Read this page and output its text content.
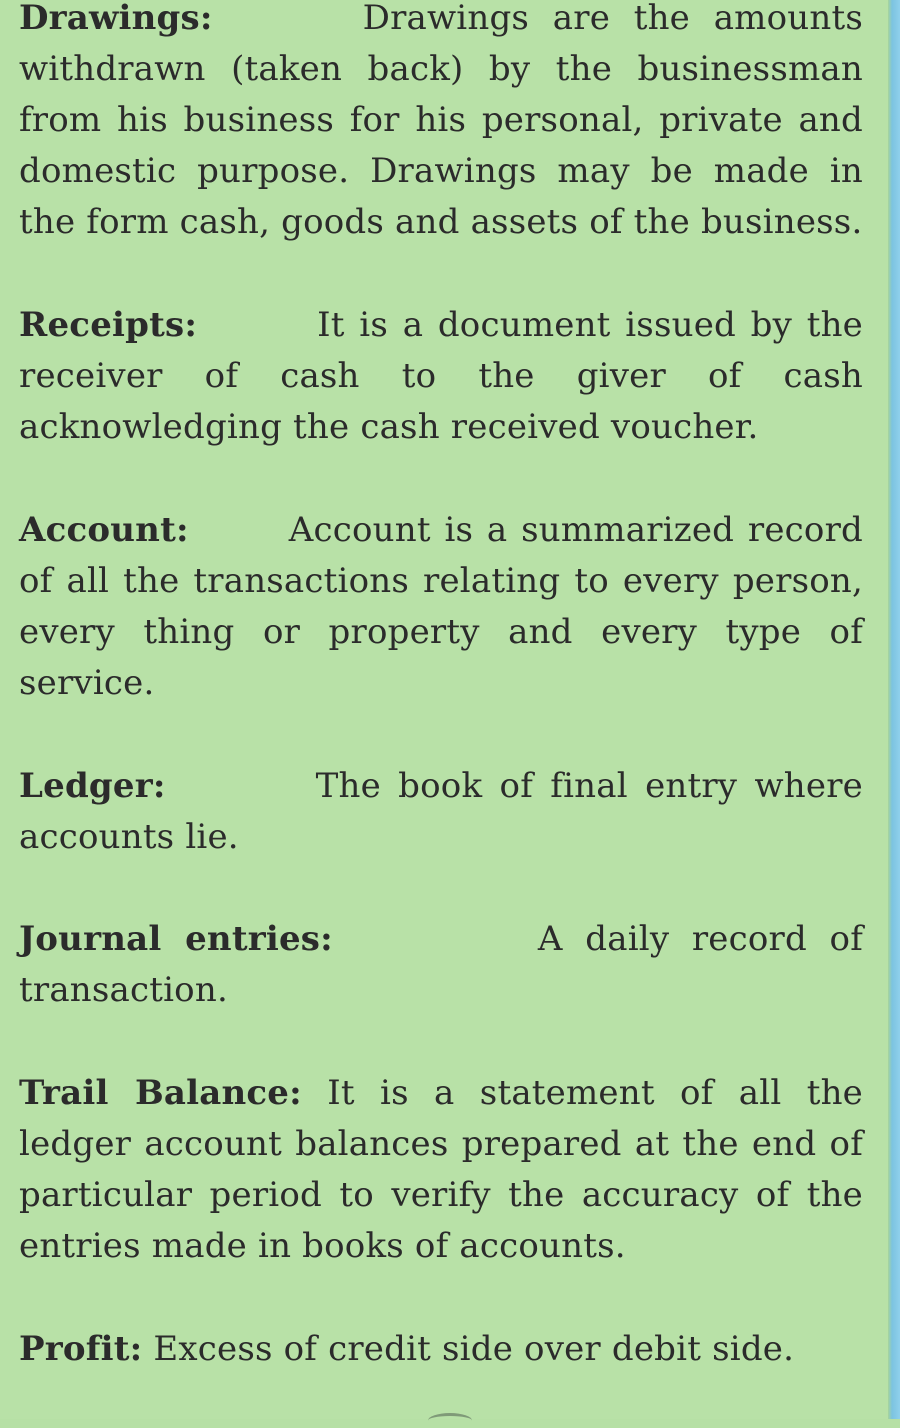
Drawings:	Drawings are the amounts withdrawn (taken back) by the businessman from his business for his personal, private and domestic purpose. Drawings may be made in the form cash, goods and assets of the business.
Receipts:	It is a document issued by the receiver of cash to the giver of cash acknowledging the cash received voucher.
Account:	Account is a summarized record of all the transactions relating to every person, every thing or property and every type of service.
Ledger:	The book of final entry where accounts lie.
Journal entries:	A daily record of transaction.
Trail Balance: It is a statement of all the ledger account balances prepared at the end of particular period to verify the accuracy of the entries made in books of accounts.
Profit: Excess of credit side over debit side.
